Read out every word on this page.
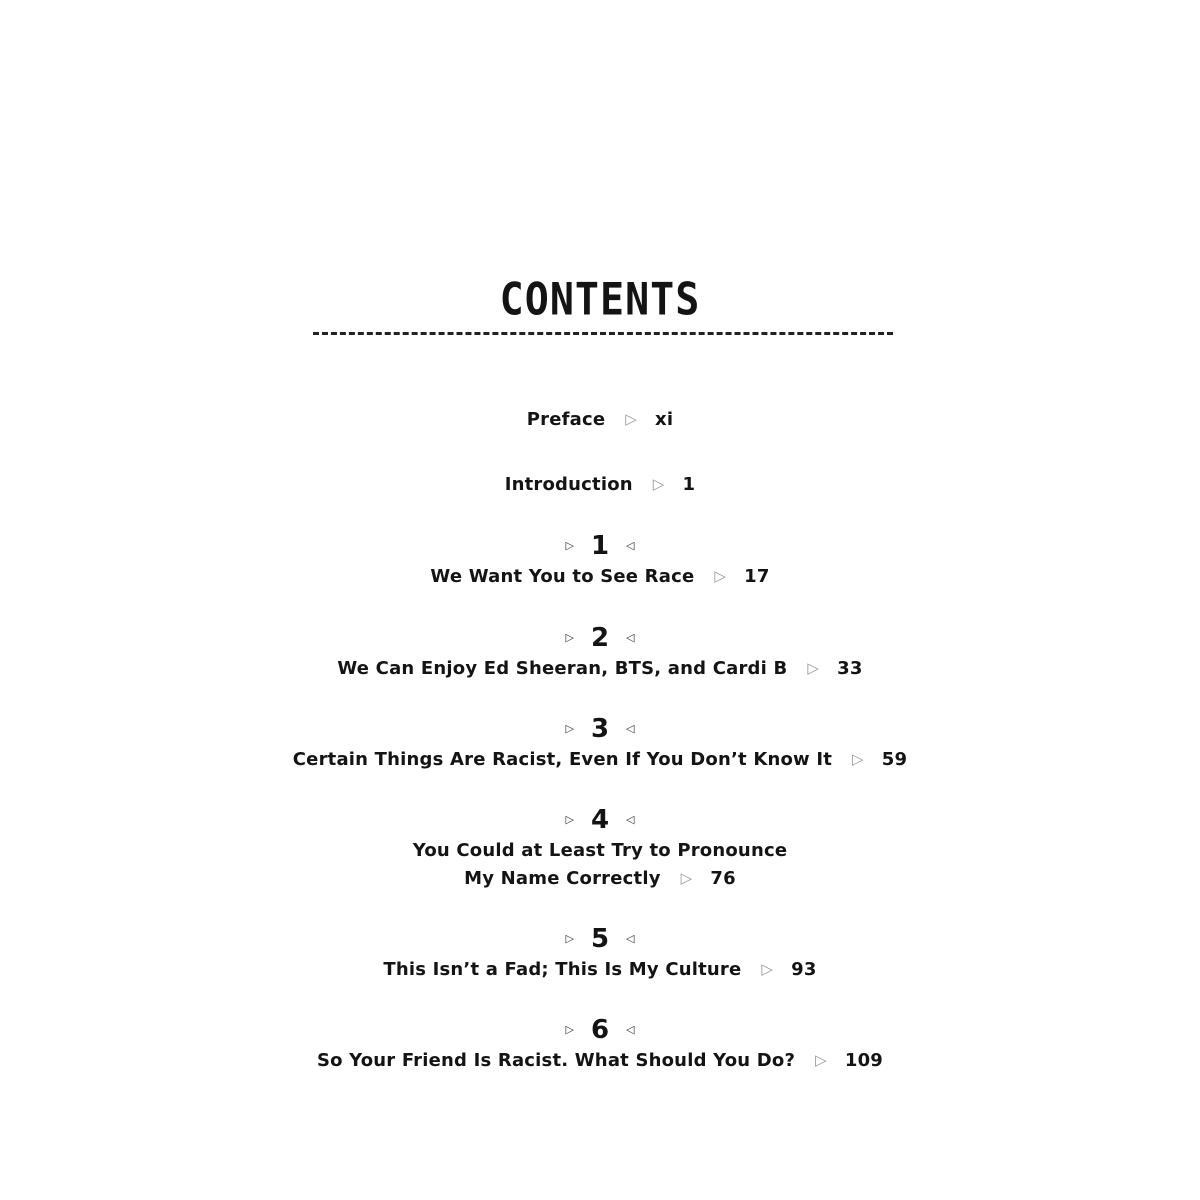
CONTENTS
Preface ▷ xi
Introduction ▷ 1
▷ 1 ◁
We Want You to See Race ▷ 17
▷ 2 ◁
We Can Enjoy Ed Sheeran, BTS, and Cardi B ▷ 33
▷ 3 ◁
Certain Things Are Racist, Even If You Don’t Know It ▷ 59
▷ 4 ◁
You Could at Least Try to Pronounce
My Name Correctly ▷ 76
▷ 5 ◁
This Isn’t a Fad; This Is My Culture ▷ 93
▷ 6 ◁
So Your Friend Is Racist. What Should You Do? ▷ 109
